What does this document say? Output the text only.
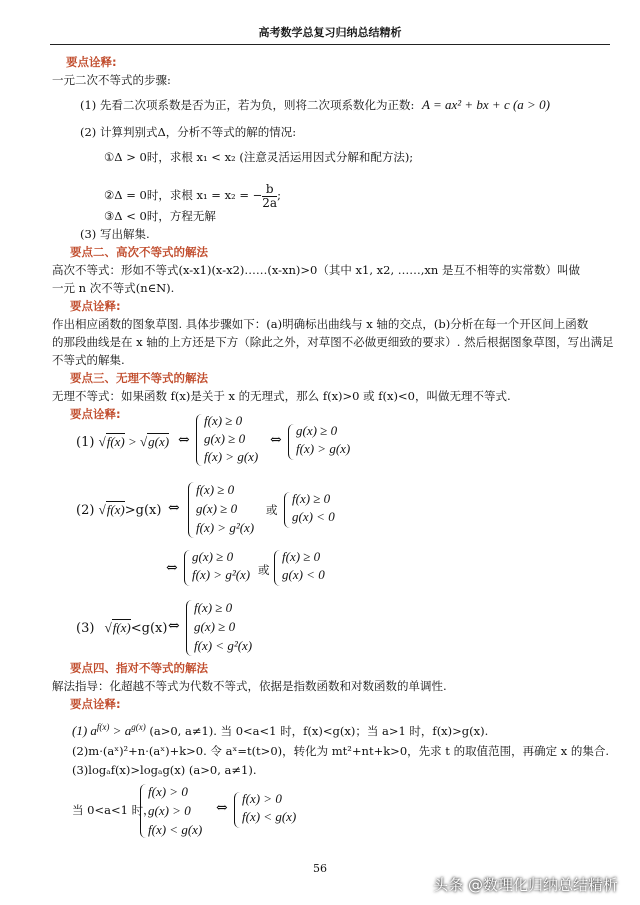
高考数学总复习归纳总结精析
要点诠释:
一元二次不等式的步骤:
(1) 先看二次项系数是否为正，若为负，则将二次项系数化为正数: A = ax² + bx + c (a > 0)
(2) 计算判别式Δ，分析不等式的解的情况:
①Δ > 0时，求根 x₁ < x₂ (注意灵活运用因式分解和配方法);
②Δ = 0时，求根 x₁ = x₂ = − $\frac{b}{2a}$ ;
③Δ < 0时，方程无解
(3) 写出解集.
要点二、高次不等式的解法
高次不等式：形如不等式(x-x1)(x-x2)……(x-xn)>0（其中 x1, x2, ……,xn 是互不相等的实常数）叫做
一元 n 次不等式(n∈N).
要点诠释:
作出相应函数的图象草图. 具体步骤如下：(a)明确标出曲线与 x 轴的交点，(b)分析在每一个开区间上函数
的那段曲线是在 x 轴的上方还是下方（除此之外，对草图不必做更细致的要求）. 然后根据图象草图，写出满足
不等式的解集.
要点三、无理不等式的解法
无理不等式：如果函数 f(x)是关于 x 的无理式，那么 f(x)>0 或 f(x)<0，叫做无理不等式.
要点诠释:
(1) √f(x) > √g(x) ⇔
f(x) ≥ 0
g(x) ≥ 0
f(x) > g(x)
⇔
g(x) ≥ 0
f(x) > g(x)
(2) √f(x)>g(x) ⇔
f(x) ≥ 0
g(x) ≥ 0
f(x) > g²(x)
或
f(x) ≥ 0
g(x) < 0
⇔
g(x) ≥ 0
f(x) > g²(x) 或
f(x) ≥ 0
g(x) < 0
(3) √f(x)<g(x) ⇔
f(x) ≥ 0
g(x) ≥ 0
f(x) < g²(x)
要点四、指对不等式的解法
解法指导：化超越不等式为代数不等式，依据是指数函数和对数函数的单调性.
要点诠释:
(1) $a^{f(x)} > a^{g(x)}$ (a>0, a≠1). 当 0<a<1 时，f(x)<g(x)；当 a>1 时，f(x)>g(x).
(2)m·(aˣ)²+n·(aˣ)+k>0. 令 aˣ=t(t>0)，转化为 mt²+nt+k>0，先求 t 的取值范围，再确定 x 的集合.
(3)logₐf(x)>logₐg(x) (a>0, a≠1).
当 0<a<1 时，
f(x) > 0
g(x) > 0
f(x) < g(x)
⇔
f(x) > 0
f(x) < g(x)
56
头条 @数理化归纳总结精析
